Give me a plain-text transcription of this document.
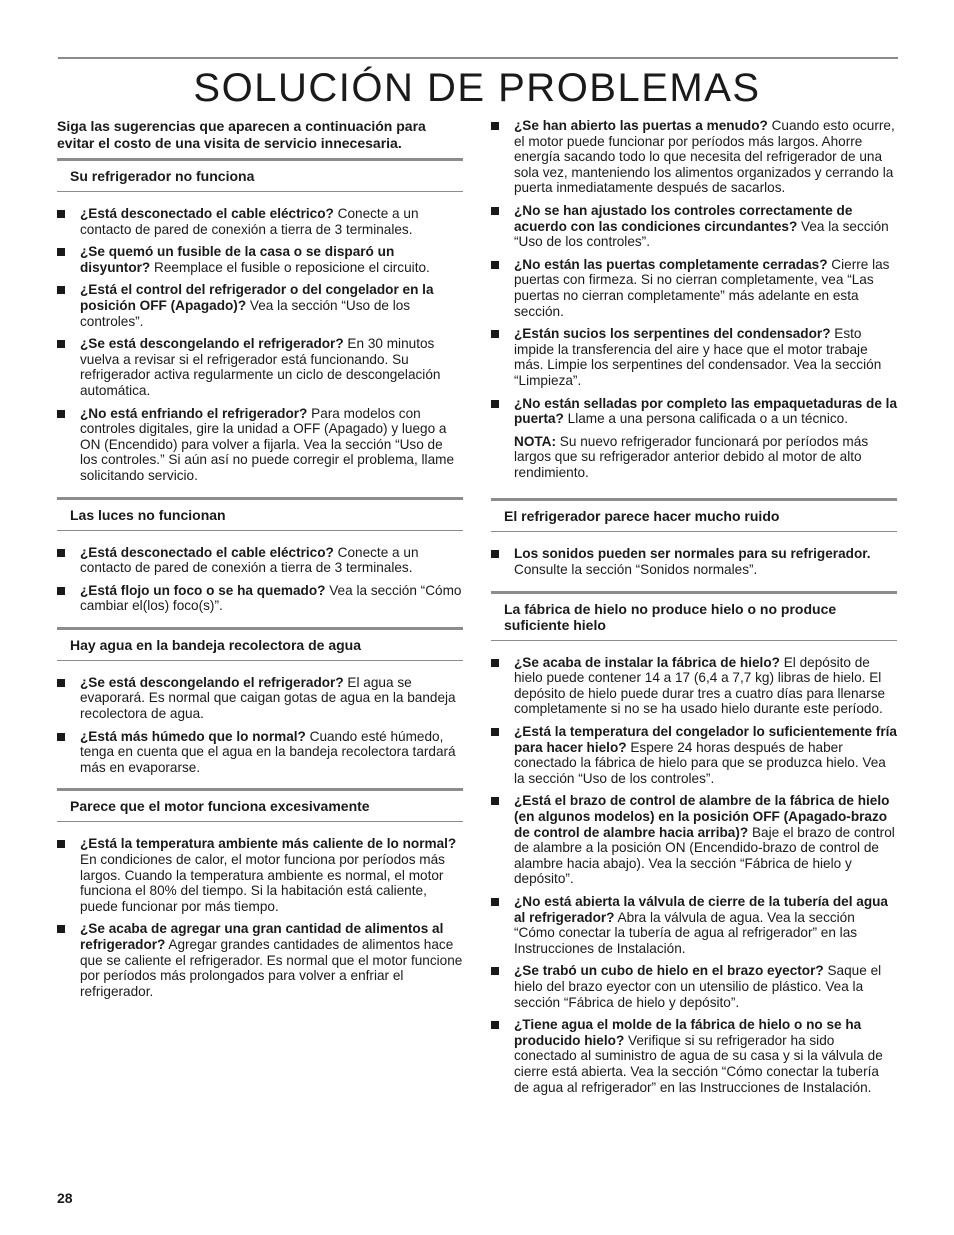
SOLUCIÓN DE PROBLEMAS

Siga las sugerencias que aparecen a continuación para evitar el costo de una visita de servicio innecesaria.

Su refrigerador no funciona
¿Está desconectado el cable eléctrico? Conecte a un contacto de pared de conexión a tierra de 3 terminales.
¿Se quemó un fusible de la casa o se disparó un disyuntor? Reemplace el fusible o reposicione el circuito.
¿Está el control del refrigerador o del congelador en la posición OFF (Apagado)? Vea la sección “Uso de los controles”.
¿Se está descongelando el refrigerador? En 30 minutos vuelva a revisar si el refrigerador está funcionando. Su refrigerador activa regularmente un ciclo de descongelación automática.
¿No está enfriando el refrigerador? Para modelos con controles digitales, gire la unidad a OFF (Apagado) y luego a ON (Encendido) para volver a fijarla. Vea la sección “Uso de los controles.” Si aún así no puede corregir el problema, llame solicitando servicio.
Las luces no funcionan
¿Está desconectado el cable eléctrico? Conecte a un contacto de pared de conexión a tierra de 3 terminales.
¿Está flojo un foco o se ha quemado? Vea la sección “Cómo cambiar el(los) foco(s)”.
Hay agua en la bandeja recolectora de agua
¿Se está descongelando el refrigerador? El agua se evaporará. Es normal que caigan gotas de agua en la bandeja recolectora de agua.
¿Está más húmedo que lo normal? Cuando esté húmedo, tenga en cuenta que el agua en la bandeja recolectora tardará más en evaporarse.
Parece que el motor funciona excesivamente
¿Está la temperatura ambiente más caliente de lo normal? En condiciones de calor, el motor funciona por períodos más largos. Cuando la temperatura ambiente es normal, el motor funciona el 80% del tiempo. Si la habitación está caliente, puede funcionar por más tiempo.
¿Se acaba de agregar una gran cantidad de alimentos al refrigerador? Agregar grandes cantidades de alimentos hace que se caliente el refrigerador. Es normal que el motor funcione por períodos más prolongados para volver a enfriar el refrigerador.
¿Se han abierto las puertas a menudo? Cuando esto ocurre, el motor puede funcionar por períodos más largos. Ahorre energía sacando todo lo que necesita del refrigerador de una sola vez, manteniendo los alimentos organizados y cerrando la puerta inmediatamente después de sacarlos.
¿No se han ajustado los controles correctamente de acuerdo con las condiciones circundantes? Vea la sección “Uso de los controles”.
¿No están las puertas completamente cerradas? Cierre las puertas con firmeza. Si no cierran completamente, vea “Las puertas no cierran completamente” más adelante en esta sección.
¿Están sucios los serpentines del condensador? Esto impide la transferencia del aire y hace que el motor trabaje más. Limpie los serpentines del condensador. Vea la sección “Limpieza”.
¿No están selladas por completo las empaquetaduras de la puerta? Llame a una persona calificada o a un técnico.
NOTA: Su nuevo refrigerador funcionará por períodos más largos que su refrigerador anterior debido al motor de alto rendimiento.
El refrigerador parece hacer mucho ruido
Los sonidos pueden ser normales para su refrigerador. Consulte la sección “Sonidos normales”.
La fábrica de hielo no produce hielo o no produce suficiente hielo
¿Se acaba de instalar la fábrica de hielo? El depósito de hielo puede contener 14 a 17 (6,4 a 7,7 kg) libras de hielo. El depósito de hielo puede durar tres a cuatro días para llenarse completamente si no se ha usado hielo durante este período.
¿Está la temperatura del congelador lo suficientemente fría para hacer hielo? Espere 24 horas después de haber conectado la fábrica de hielo para que se produzca hielo. Vea la sección “Uso de los controles”.
¿Está el brazo de control de alambre de la fábrica de hielo (en algunos modelos) en la posición OFF (Apagado-brazo de control de alambre hacia arriba)? Baje el brazo de control de alambre a la posición ON (Encendido-brazo de control de alambre hacia abajo). Vea la sección “Fábrica de hielo y depósito”.
¿No está abierta la válvula de cierre de la tubería del agua al refrigerador? Abra la válvula de agua. Vea la sección “Cómo conectar la tubería de agua al refrigerador” en las Instrucciones de Instalación.
¿Se trabó un cubo de hielo en el brazo eyector? Saque el hielo del brazo eyector con un utensilio de plástico. Vea la sección “Fábrica de hielo y depósito”.
¿Tiene agua el molde de la fábrica de hielo o no se ha producido hielo? Verifique si su refrigerador ha sido conectado al suministro de agua de su casa y si la válvula de cierre está abierta. Vea la sección “Cómo conectar la tubería de agua al refrigerador” en las Instrucciones de Instalación.
28
